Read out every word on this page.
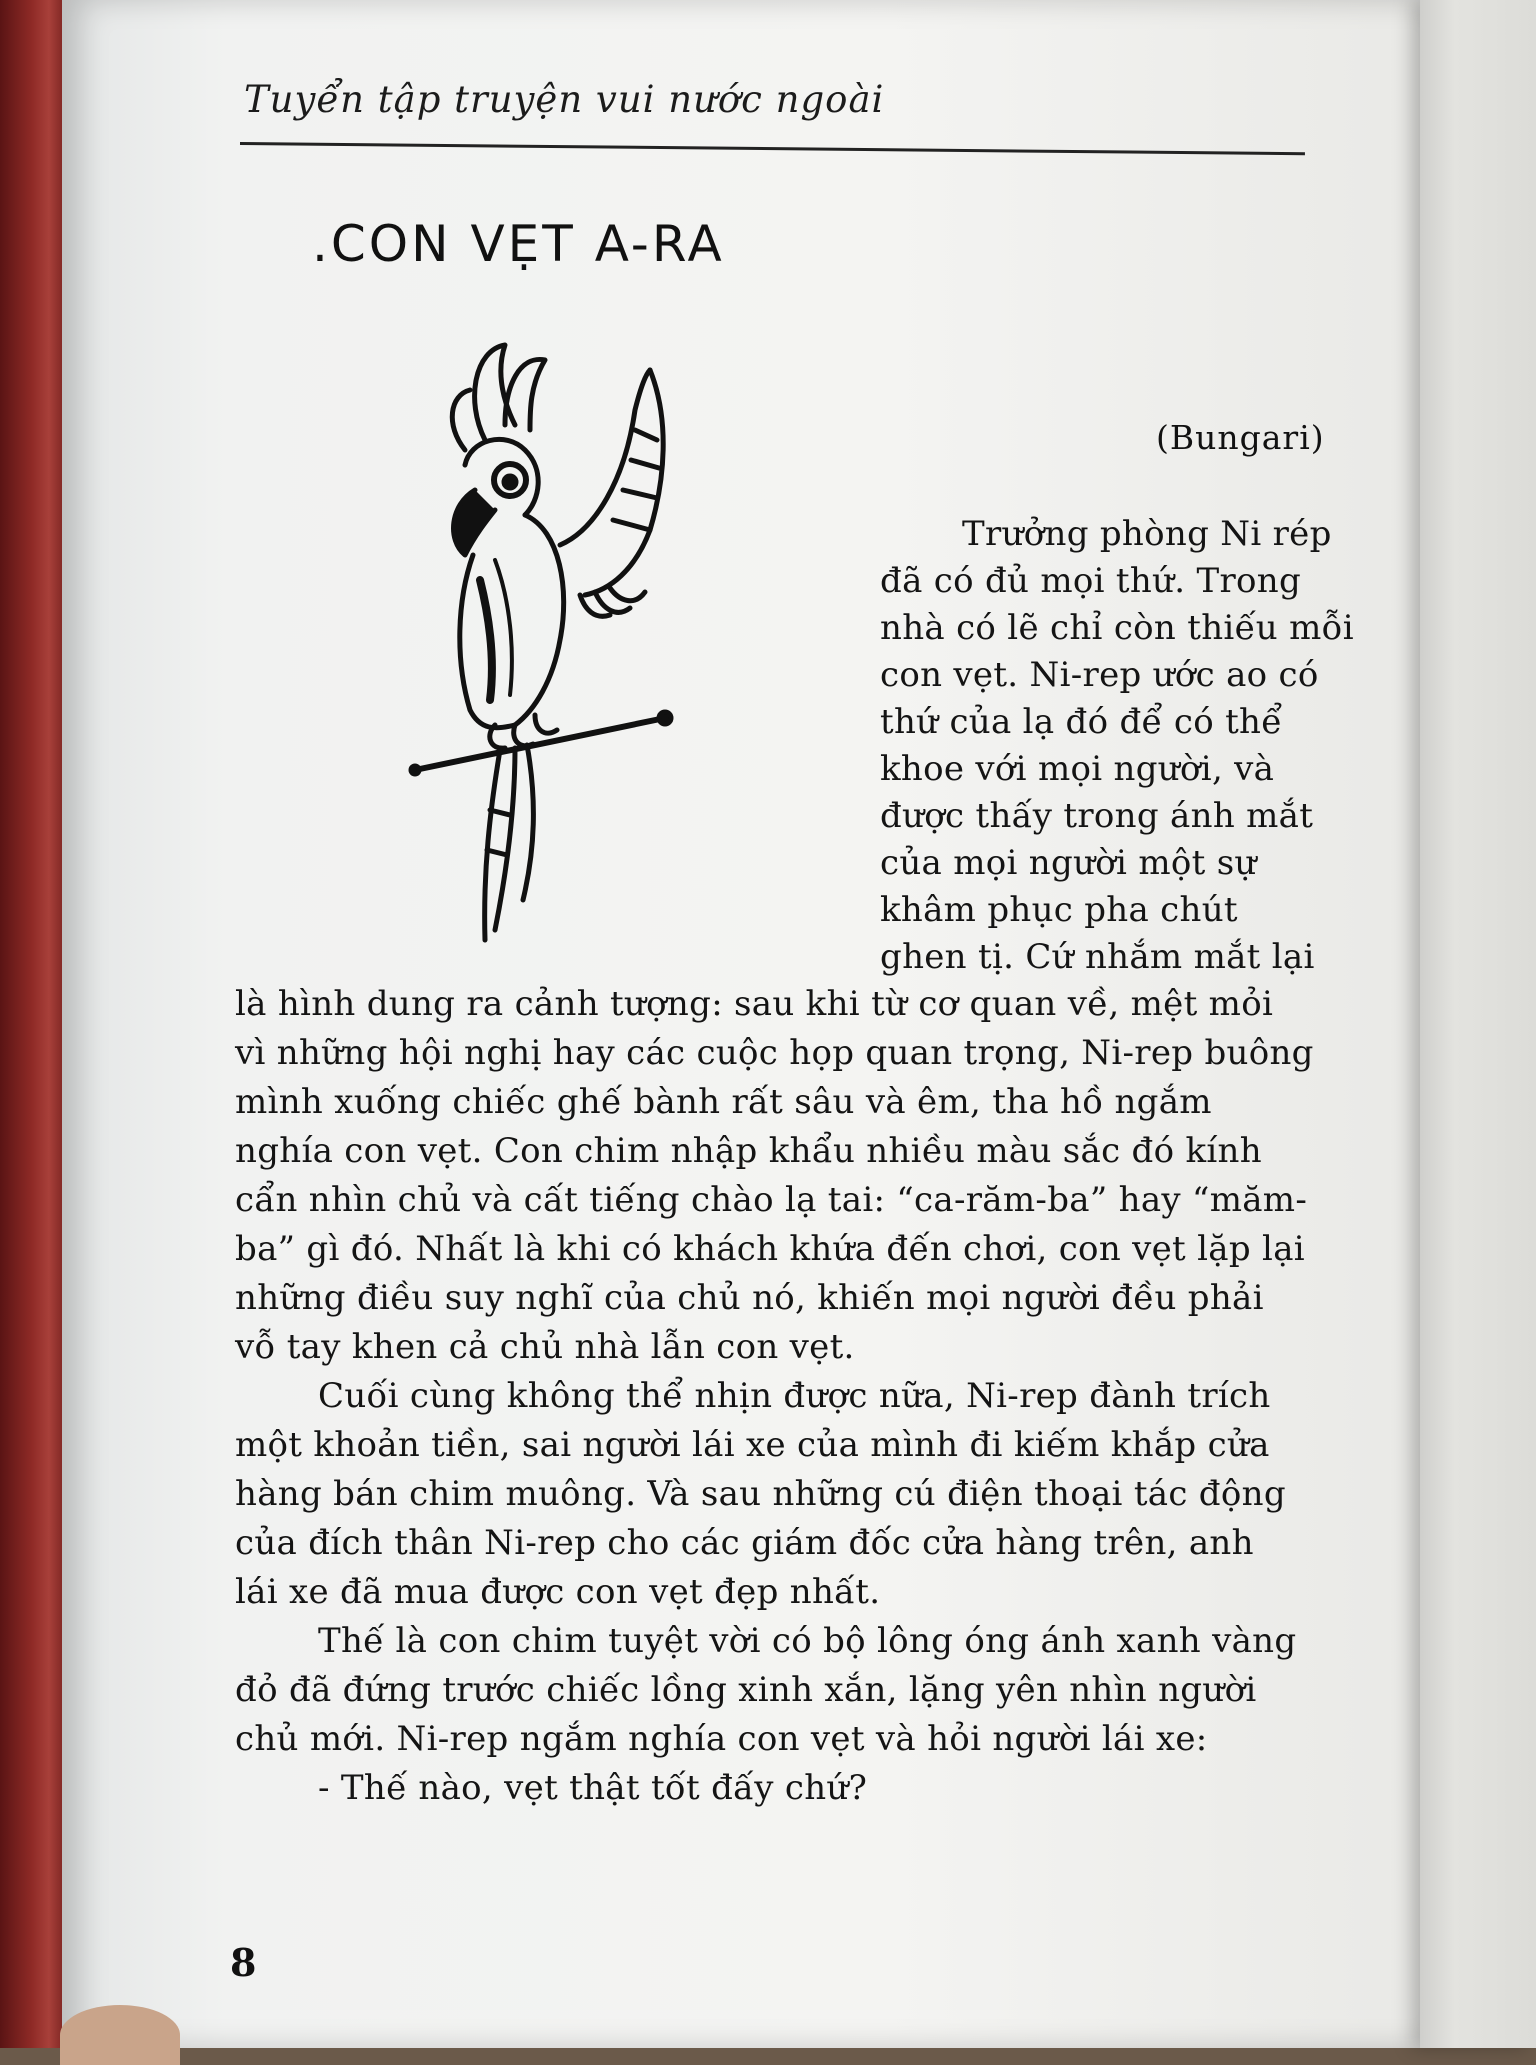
Tuyển tập truyện vui nước ngoài
.CON VẸT A-RA
(Bungari)
Trưởng phòng Ni rép
đã có đủ mọi thứ. Trong
nhà có lẽ chỉ còn thiếu mỗi
con vẹt. Ni-rep ước ao có
thứ của lạ đó để có thể
khoe với mọi người, và
được thấy trong ánh mắt
của mọi người một sự
khâm phục pha chút
ghen tị. Cứ nhắm mắt lại
là hình dung ra cảnh tượng: sau khi từ cơ quan về, mệt mỏi
vì những hội nghị hay các cuộc họp quan trọng, Ni-rep buông
mình xuống chiếc ghế bành rất sâu và êm, tha hồ ngắm
nghía con vẹt. Con chim nhập khẩu nhiều màu sắc đó kính
cẩn nhìn chủ và cất tiếng chào lạ tai: “ca-răm-ba” hay “măm-
ba” gì đó. Nhất là khi có khách khứa đến chơi, con vẹt lặp lại
những điều suy nghĩ của chủ nó, khiến mọi người đều phải
vỗ tay khen cả chủ nhà lẫn con vẹt.
Cuối cùng không thể nhịn được nữa, Ni-rep đành trích
một khoản tiền, sai người lái xe của mình đi kiếm khắp cửa
hàng bán chim muông. Và sau những cú điện thoại tác động
của đích thân Ni-rep cho các giám đốc cửa hàng trên, anh
lái xe đã mua được con vẹt đẹp nhất.
Thế là con chim tuyệt vời có bộ lông óng ánh xanh vàng
đỏ đã đứng trước chiếc lồng xinh xắn, lặng yên nhìn người
chủ mới. Ni-rep ngắm nghía con vẹt và hỏi người lái xe:
- Thế nào, vẹt thật tốt đấy chứ?
8
